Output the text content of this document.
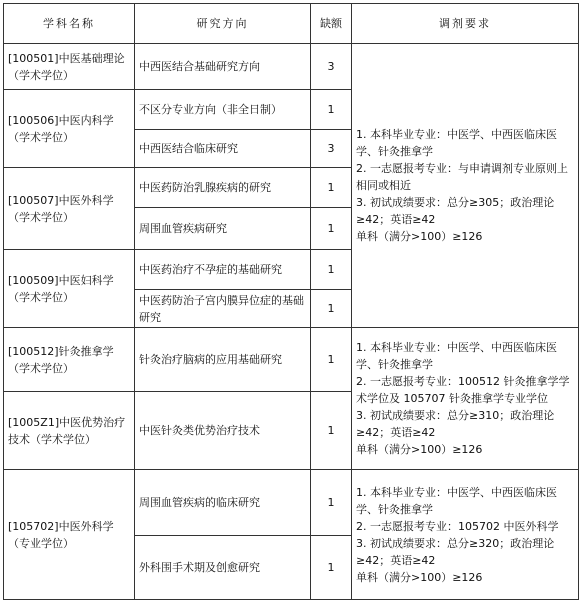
学科名称	研究方向	缺额	调剂要求
[100501]中医基础理论（学术学位）	中西医结合基础研究方向	3	1. 本科毕业专业：中医学、中西医临床医学、针灸推拿学
2. 一志愿报考专业：与申请调剂专业原则上相同或相近
3. 初试成绩要求：总分≥305；政治理论≥42；英语≥42
单科（满分>100）≥126
[100506]中医内科学（学术学位）	不区分专业方向（非全日制）	1	
	中西医结合临床研究	3	
[100507]中医外科学（学术学位）	中医药防治乳腺疾病的研究	1	
	周围血管疾病研究	1	
[100509]中医妇科学（学术学位）	中医药治疗不孕症的基础研究	1	
	中医药防治子宫内膜异位症的基础研究	1	
[100512]针灸推拿学（学术学位）	针灸治疗脑病的应用基础研究	1	1. 本科毕业专业：中医学、中西医临床医学、针灸推拿学
2. 一志愿报考专业：100512 针灸推拿学学术学位及 105707 针灸推拿学专业学位
3. 初试成绩要求：总分≥310；政治理论≥42；英语≥42
单科（满分>100）≥126
[1005Z1]中医优势治疗技术（学术学位）	中医针灸类优势治疗技术	1	
[105702]中医外科学（专业学位）	周围血管疾病的临床研究	1	1. 本科毕业专业：中医学、中西医临床医学、针灸推拿学
2. 一志愿报考专业：105702 中医外科学
3. 初试成绩要求：总分≥320；政治理论≥42；英语≥42
单科（满分>100）≥126
	外科围手术期及创愈研究	1	
